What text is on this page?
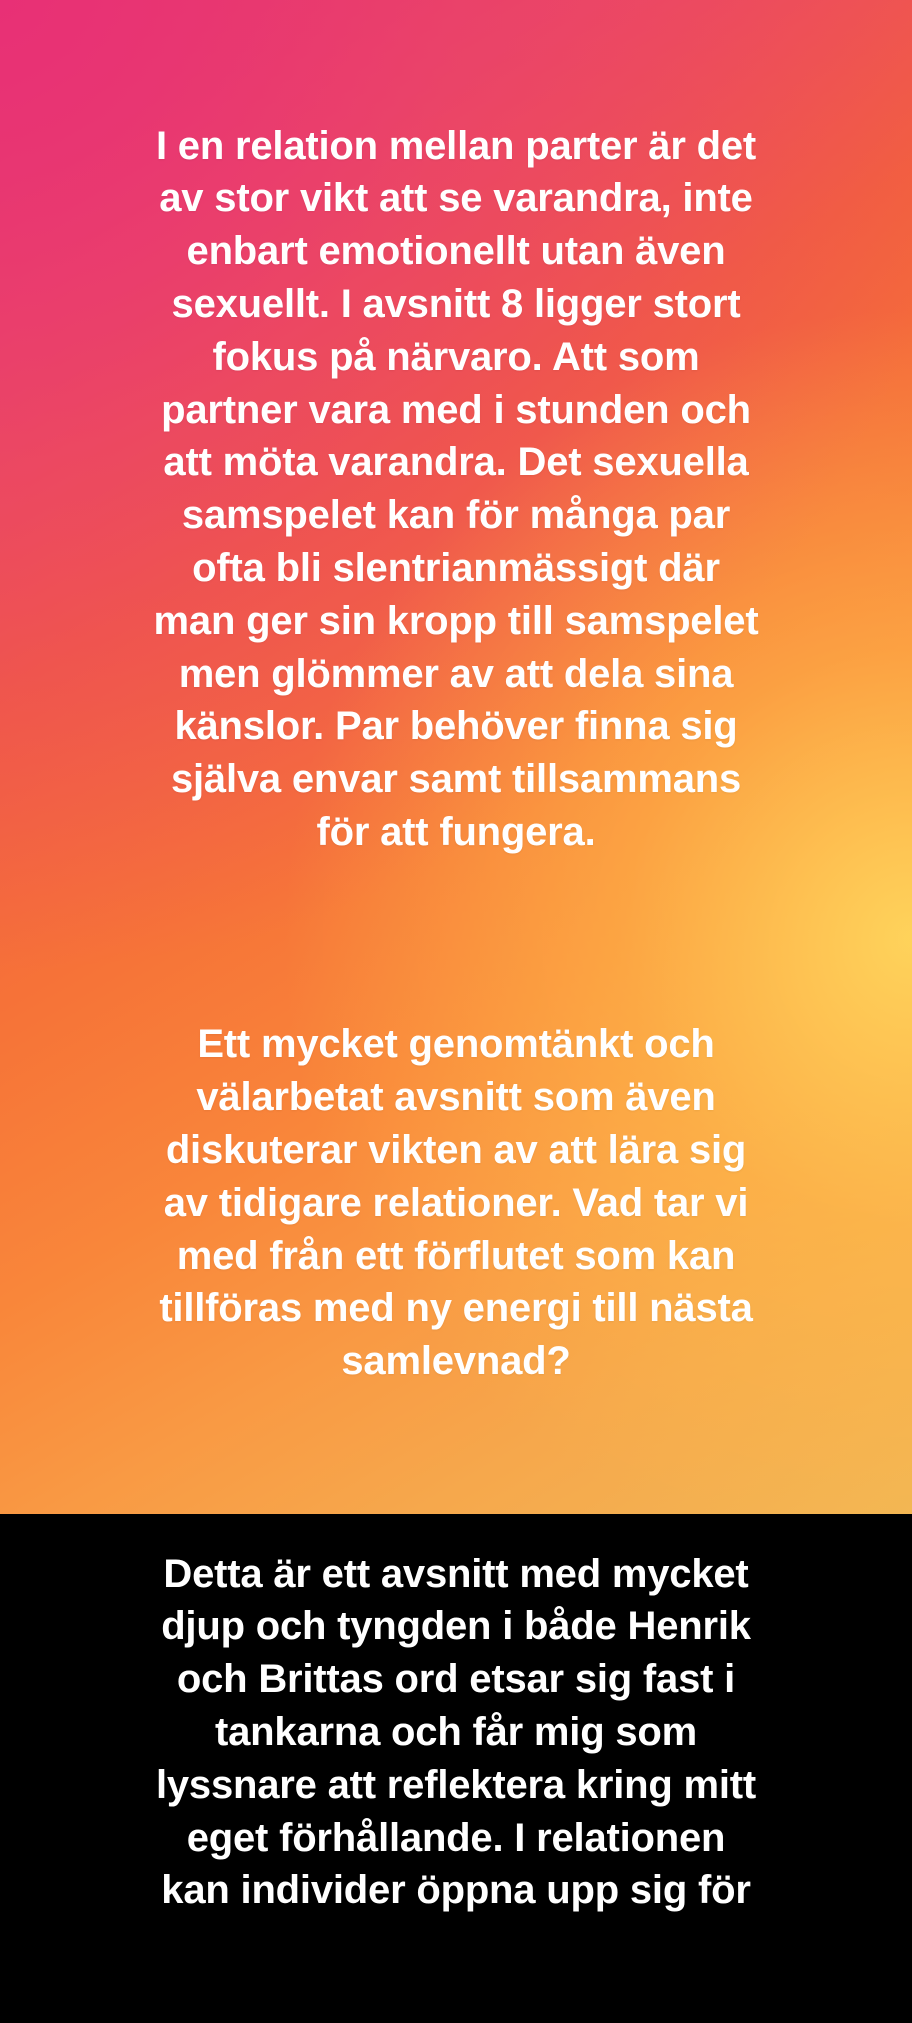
I en relation mellan parter är det av stor vikt att se varandra, inte enbart emotionellt utan även sexuellt. I avsnitt 8 ligger stort fokus på närvaro. Att som partner vara med i stunden och att möta varandra. Det sexuella samspelet kan för många par ofta bli slentrianmässigt där man ger sin kropp till samspelet men glömmer av att dela sina känslor. Par behöver finna sig själva envar samt tillsammans för att fungera.

Ett mycket genomtänkt och välarbetat avsnitt som även diskuterar vikten av att lära sig av tidigare relationer. Vad tar vi med från ett förflutet som kan tillföras med ny energi till nästa samlevnad?

Detta är ett avsnitt med mycket djup och tyngden i både Henrik och Brittas ord etsar sig fast i tankarna och får mig som lyssnare att reflektera kring mitt eget förhållande. I relationen kan individer öppna upp sig för
